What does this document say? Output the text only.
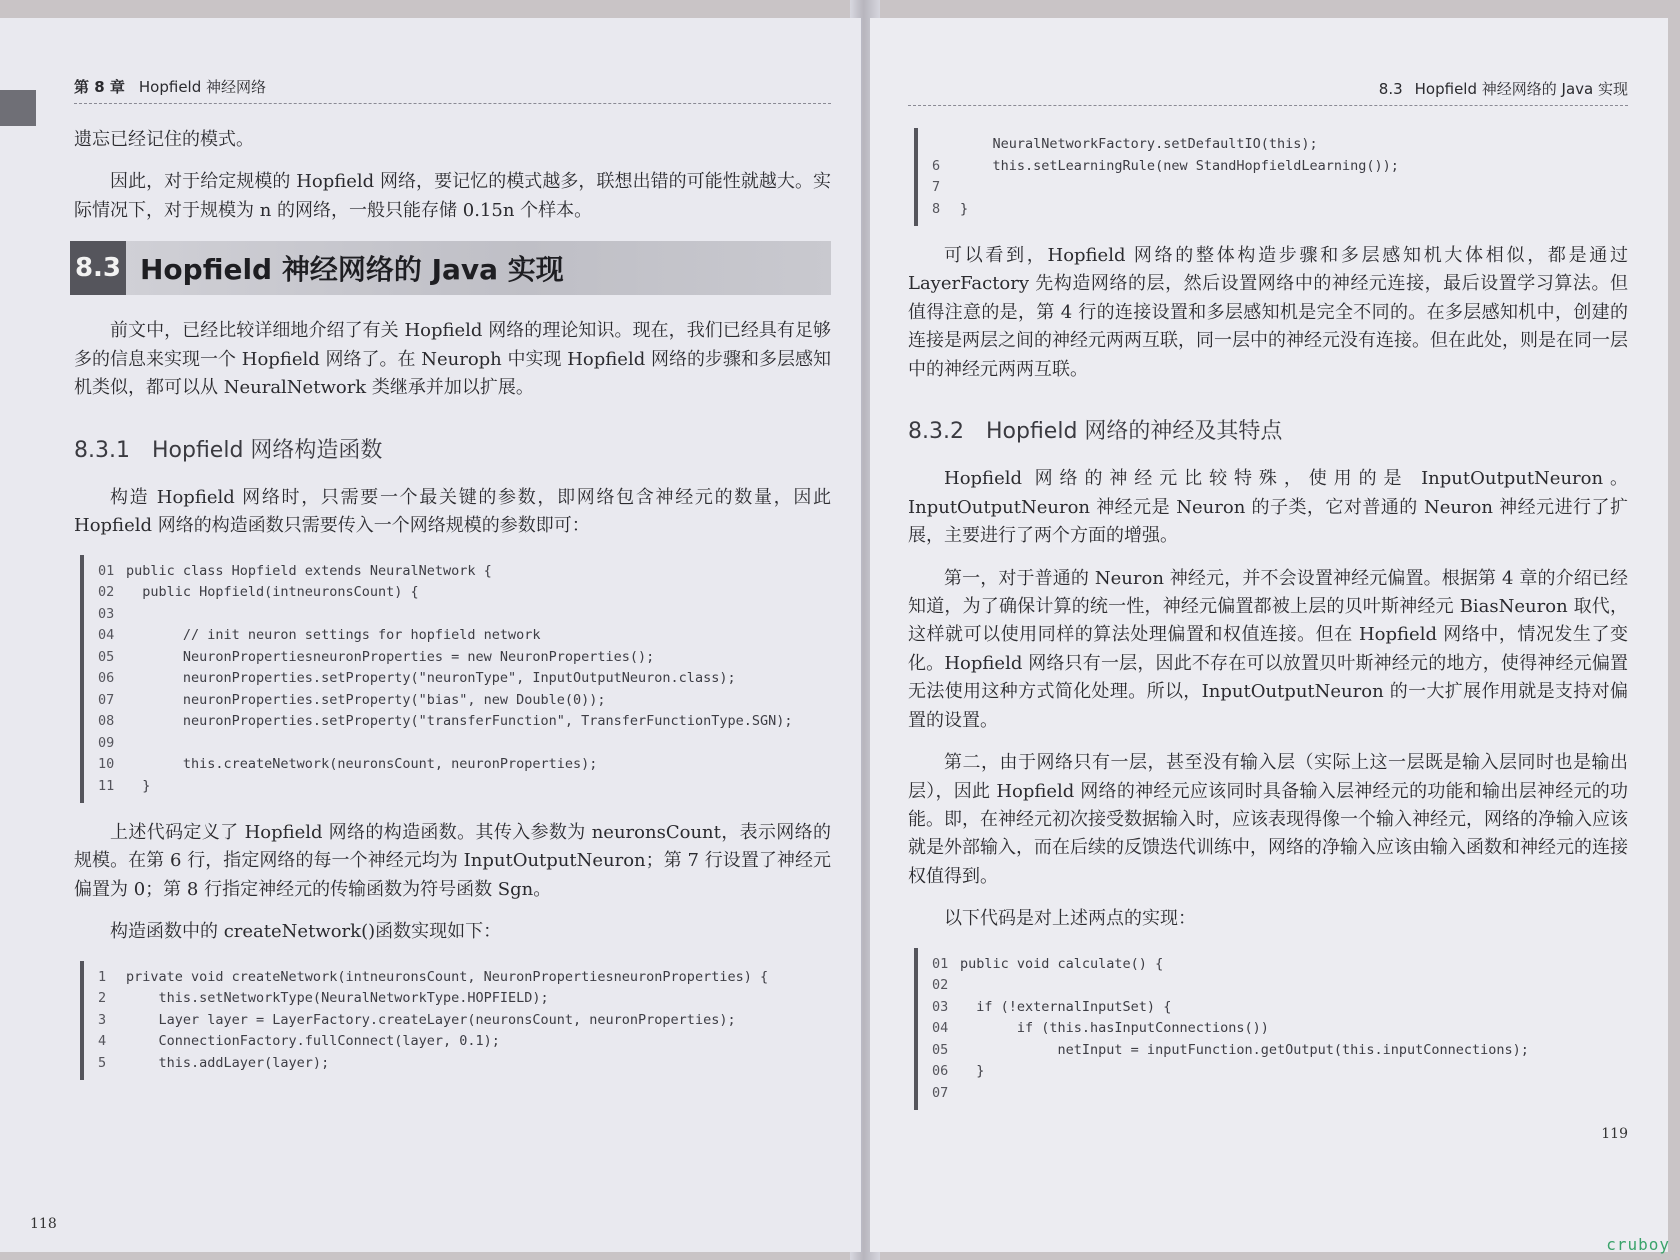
第 8 章 Hopfield 神经网络

遗忘已经记住的模式。

因此，对于给定规模的 Hopfield 网络，要记忆的模式越多，联想出错的可能性就越大。实际情况下，对于规模为 n 的网络，一般只能存储 0.15n 个样本。

8.3 Hopfield 神经网络的 Java 实现

前文中，已经比较详细地介绍了有关 Hopfield 网络的理论知识。现在，我们已经具有足够多的信息来实现一个 Hopfield 网络了。在 Neuroph 中实现 Hopfield 网络的步骤和多层感知机类似，都可以从 NeuralNetwork 类继承并加以扩展。

8.3.1　Hopfield 网络构造函数

构造 Hopfield 网络时，只需要一个最关键的参数，即网络包含神经元的数量，因此 Hopfield 网络的构造函数只需要传入一个网络规模的参数即可：

01 public class Hopfield extends NeuralNetwork {
02 public Hopfield(intneuronsCount) {
03
04 // init neuron settings for hopfield network
05 NeuronPropertiesneuronProperties = new NeuronProperties();
06 neuronProperties.setProperty("neuronType", InputOutputNeuron.class);
07 neuronProperties.setProperty("bias", new Double(0));
08 neuronProperties.setProperty("transferFunction", TransferFunctionType.SGN);
09
10 this.createNetwork(neuronsCount, neuronProperties);
11 }

上述代码定义了 Hopfield 网络的构造函数。其传入参数为 neuronsCount，表示网络的规模。在第 6 行，指定网络的每一个神经元均为 InputOutputNeuron；第 7 行设置了神经元偏置为 0；第 8 行指定神经元的传输函数为符号函数 Sgn。

构造函数中的 createNetwork()函数实现如下：

1	private void createNetwork(intneuronsCount, NeuronPropertiesneuronProperties) {
2	this.setNetworkType(NeuralNetworkType.HOPFIELD);
3	Layer layer = LayerFactory.createLayer(neuronsCount, neuronProperties);
4	ConnectionFactory.fullConnect(layer, 0.1);
5	this.addLayer(layer);
118
8.3 Hopfield 神经网络的 Java 实现
NeuralNetworkFactory.setDefaultIO(this);
6	this.setLearningRule(new StandHopfieldLearning());
7
8	}

可以看到，Hopfield 网络的整体构造步骤和多层感知机大体相似，都是通过 LayerFactory 先构造网络的层，然后设置网络中的神经元连接，最后设置学习算法。但值得注意的是，第 4 行的连接设置和多层感知机是完全不同的。在多层感知机中，创建的连接是两层之间的神经元两两互联，同一层中的神经元没有连接。但在此处，则是在同一层中的神经元两两互联。

8.3.2　Hopfield 网络的神经及其特点

Hopfield 网络的神经元比较特殊，使用的是 InputOutputNeuron。InputOutputNeuron 神经元是 Neuron 的子类，它对普通的 Neuron 神经元进行了扩展，主要进行了两个方面的增强。

第一，对于普通的 Neuron 神经元，并不会设置神经元偏置。根据第 4 章的介绍已经知道，为了确保计算的统一性，神经元偏置都被上层的贝叶斯神经元 BiasNeuron 取代，这样就可以使用同样的算法处理偏置和权值连接。但在 Hopfield 网络中，情况发生了变化。Hopfield 网络只有一层，因此不存在可以放置贝叶斯神经元的地方，使得神经元偏置无法使用这种方式简化处理。所以，InputOutputNeuron 的一大扩展作用就是支持对偏置的设置。

第二，由于网络只有一层，甚至没有输入层（实际上这一层既是输入层同时也是输出层），因此 Hopfield 网络的神经元应该同时具备输入层神经元的功能和输出层神经元的功能。即，在神经元初次接受数据输入时，应该表现得像一个输入神经元，网络的净输入应该就是外部输入，而在后续的反馈迭代训练中，网络的净输入应该由输入函数和神经元的连接权值得到。

以下代码是对上述两点的实现：

01 public void calculate() {
02
03 if (!externalInputSet) {
04 if (this.hasInputConnections())
05 netInput = inputFunction.getOutput(this.inputConnections);
06 }
07
119
cruboy
